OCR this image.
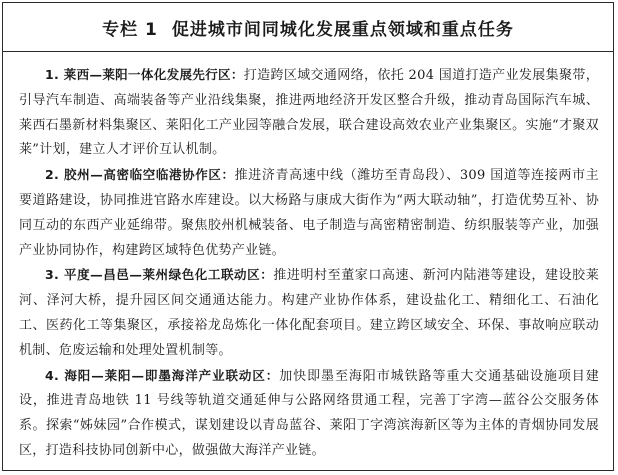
专栏 1 促进城市间同城化发展重点领域和重点任务

1. 莱西—莱阳一体化发展先行区：打造跨区域交通网络，依托 204 国道打造产业发展集聚带，引导汽车制造、高端装备等产业沿线集聚，推进两地经济开发区整合升级，推动青岛国际汽车城、莱西石墨新材料集聚区、莱阳化工产业园等融合发展，联合建设高效农业产业集聚区。实施“才聚双莱”计划，建立人才评价互认机制。

2. 胶州—高密临空临港协作区：推进济青高速中线（潍坊至青岛段）、309 国道等连接两市主要道路建设，协同推进官路水库建设。以大杨路与康成大街作为“两大联动轴”，打造优势互补、协同互动的东西产业延绵带。聚焦胶州机械装备、电子制造与高密精密制造、纺织服装等产业，加强产业协同协作，构建跨区域特色优势产业链。

3. 平度—昌邑—莱州绿色化工联动区：推进明村至董家口高速、新河内陆港等建设，建设胶莱河、泽河大桥，提升园区间交通通达能力。构建产业协作体系，建设盐化工、精细化工、石油化工、医药化工等集聚区，承接裕龙岛炼化一体化配套项目。建立跨区域安全、环保、事故响应联动机制、危废运输和处理处置机制等。

4. 海阳—莱阳—即墨海洋产业联动区：加快即墨至海阳市城铁路等重大交通基础设施项目建设，推进青岛地铁 11 号线等轨道交通延伸与公路网络贯通工程，完善丁字湾—蓝谷公交服务体系。探索“姊妹园”合作模式，谋划建设以青岛蓝谷、莱阳丁字湾滨海新区等为主体的青烟协同发展区，打造科技协同创新中心，做强做大海洋产业链。
